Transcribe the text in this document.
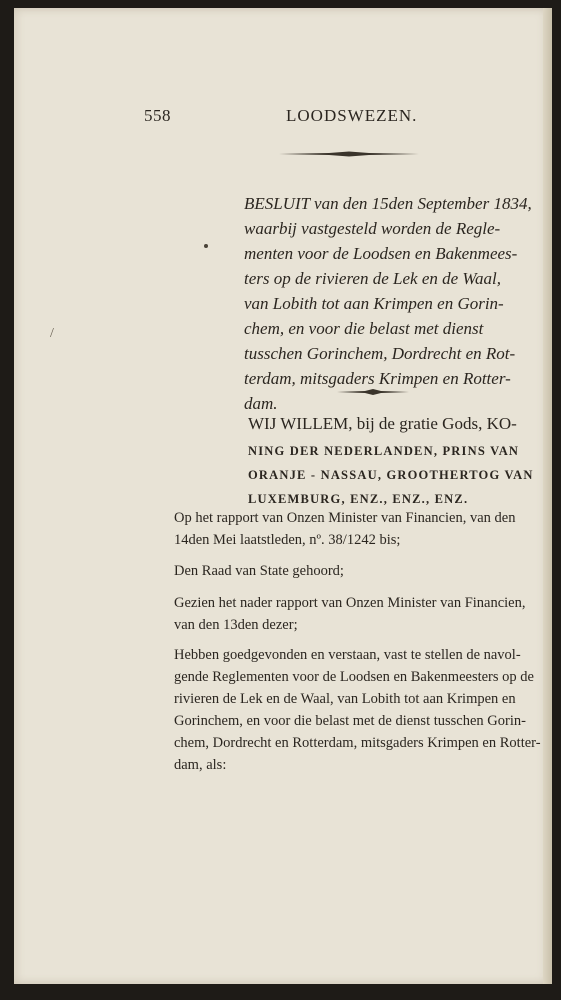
558	LOODSWEZEN.
/
BESLUIT van den 15den September 1834,
waarbij vastgesteld worden de Regle-
menten voor de Loodsen en Bakenmees-
ters op de rivieren de Lek en de Waal,
van Lobith tot aan Krimpen en Gorin-
chem, en voor die belast met dienst
tusschen Gorinchem, Dordrecht en Rot-
terdam, mitsgaders Krimpen en Rotter-
dam.
WIJ WILLEM, bij de gratie Gods, KO-
NING DER NEDERLANDEN, PRINS VAN
ORANJE - NASSAU, GROOTHERTOG VAN
LUXEMBURG, ENZ., ENZ., ENZ.
Op het rapport van Onzen Minister van Financien, van den
14den Mei laatstleden, nº. 38/1242 bis;
Den Raad van State gehoord;
Gezien het nader rapport van Onzen Minister van Financien,
van den 13den dezer;
Hebben goedgevonden en verstaan, vast te stellen de navol-
gende Reglementen voor de Loodsen en Bakenmeesters op de
rivieren de Lek en de Waal, van Lobith tot aan Krimpen en
Gorinchem, en voor die belast met de dienst tusschen Gorin-
chem, Dordrecht en Rotterdam, mitsgaders Krimpen en Rotter-
dam, als:
